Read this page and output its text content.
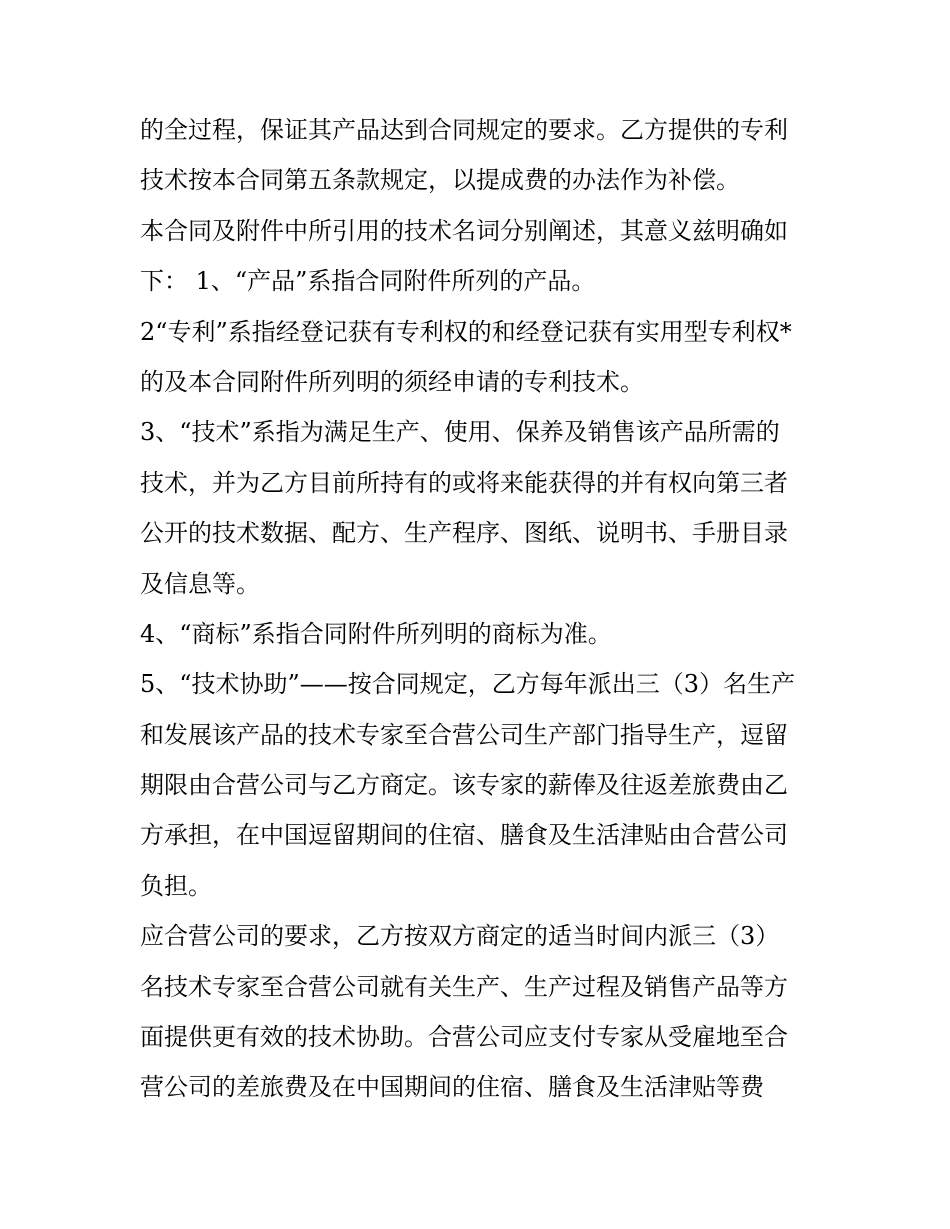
的全过程，保证其产品达到合同规定的要求。乙方提供的专利
技术按本合同第五条款规定，以提成费的办法作为补偿。
本合同及附件中所引用的技术名词分别阐述，其意义兹明确如
下： 1、“产品”系指合同附件所列的产品。
2“专利”系指经登记获有专利权的和经登记获有实用型专利权*
的及本合同附件所列明的须经申请的专利技术。
3、“技术”系指为满足生产、使用、保养及销售该产品所需的
技术，并为乙方目前所持有的或将来能获得的并有权向第三者
公开的技术数据、配方、生产程序、图纸、说明书、手册目录
及信息等。
4、“商标”系指合同附件所列明的商标为准。
5、“技术协助”——按合同规定，乙方每年派出三（3）名生产
和发展该产品的技术专家至合营公司生产部门指导生产，逗留
期限由合营公司与乙方商定。该专家的薪俸及往返差旅费由乙
方承担，在中国逗留期间的住宿、膳食及生活津贴由合营公司
负担。
应合营公司的要求，乙方按双方商定的适当时间内派三（3）
名技术专家至合营公司就有关生产、生产过程及销售产品等方
面提供更有效的技术协助。合营公司应支付专家从受雇地至合
营公司的差旅费及在中国期间的住宿、膳食及生活津贴等费
